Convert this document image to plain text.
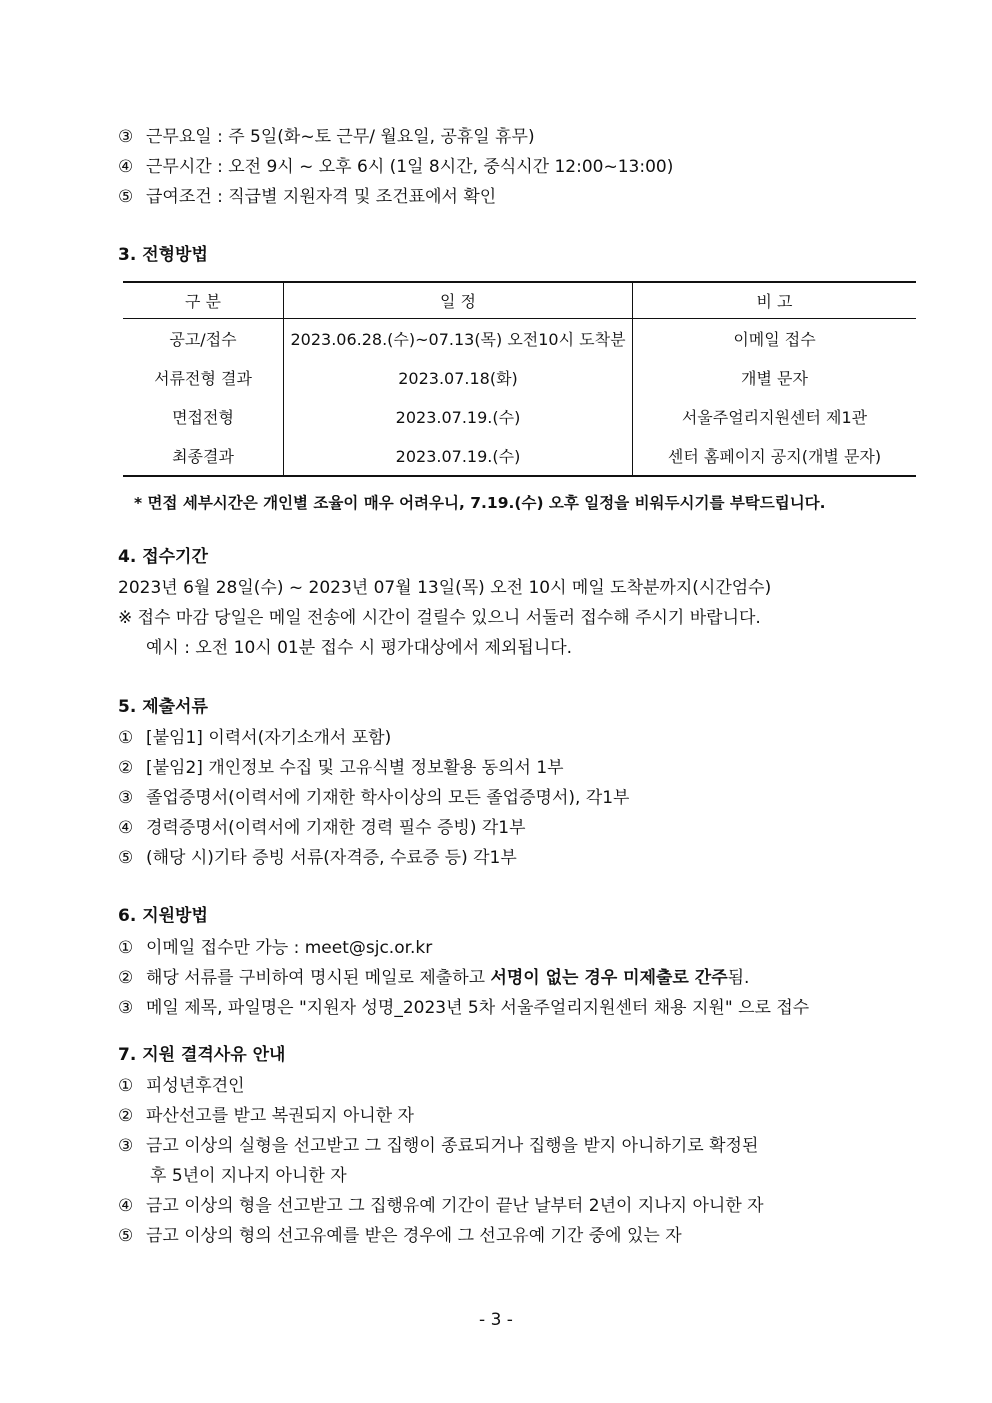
③ 근무요일 : 주 5일(화~토 근무/ 월요일, 공휴일 휴무)
④ 근무시간 : 오전 9시 ~ 오후 6시 (1일 8시간, 중식시간 12:00~13:00)
⑤ 급여조건 : 직급별 지원자격 및 조건표에서 확인
3. 전형방법
구 분	일 정	비 고
공고/접수	2023.06.28.(수)~07.13(목) 오전10시 도착분	이메일 접수
서류전형 결과	2023.07.18(화)	개별 문자
면접전형	2023.07.19.(수)	서울주얼리지원센터 제1관
최종결과	2023.07.19.(수)	센터 홈페이지 공지(개별 문자)
* 면접 세부시간은 개인별 조율이 매우 어려우니, 7.19.(수) 오후 일정을 비워두시기를 부탁드립니다.
4. 접수기간
2023년 6월 28일(수) ~ 2023년 07월 13일(목) 오전 10시 메일 도착분까지(시간엄수)
※ 접수 마감 당일은 메일 전송에 시간이 걸릴수 있으니 서둘러 접수해 주시기 바랍니다.
예시 : 오전 10시 01분 접수 시 평가대상에서 제외됩니다.
5. 제출서류
① [붙임1] 이력서(자기소개서 포함)
② [붙임2] 개인정보 수집 및 고유식별 정보활용 동의서 1부
③ 졸업증명서(이력서에 기재한 학사이상의 모든 졸업증명서), 각1부
④ 경력증명서(이력서에 기재한 경력 필수 증빙) 각1부
⑤ (해당 시)기타 증빙 서류(자격증, 수료증 등) 각1부
6. 지원방법
① 이메일 접수만 가능 : meet@sjc.or.kr
② 해당 서류를 구비하여 명시된 메일로 제출하고 서명이 없는 경우 미제출로 간주됨.
③ 메일 제목, 파일명은 "지원자 성명_2023년 5차 서울주얼리지원센터 채용 지원" 으로 접수
7. 지원 결격사유 안내
① 피성년후견인
② 파산선고를 받고 복권되지 아니한 자
③ 금고 이상의 실형을 선고받고 그 집행이 종료되거나 집행을 받지 아니하기로 확정된
후 5년이 지나지 아니한 자
④ 금고 이상의 형을 선고받고 그 집행유예 기간이 끝난 날부터 2년이 지나지 아니한 자
⑤ 금고 이상의 형의 선고유예를 받은 경우에 그 선고유예 기간 중에 있는 자
- 3 -
